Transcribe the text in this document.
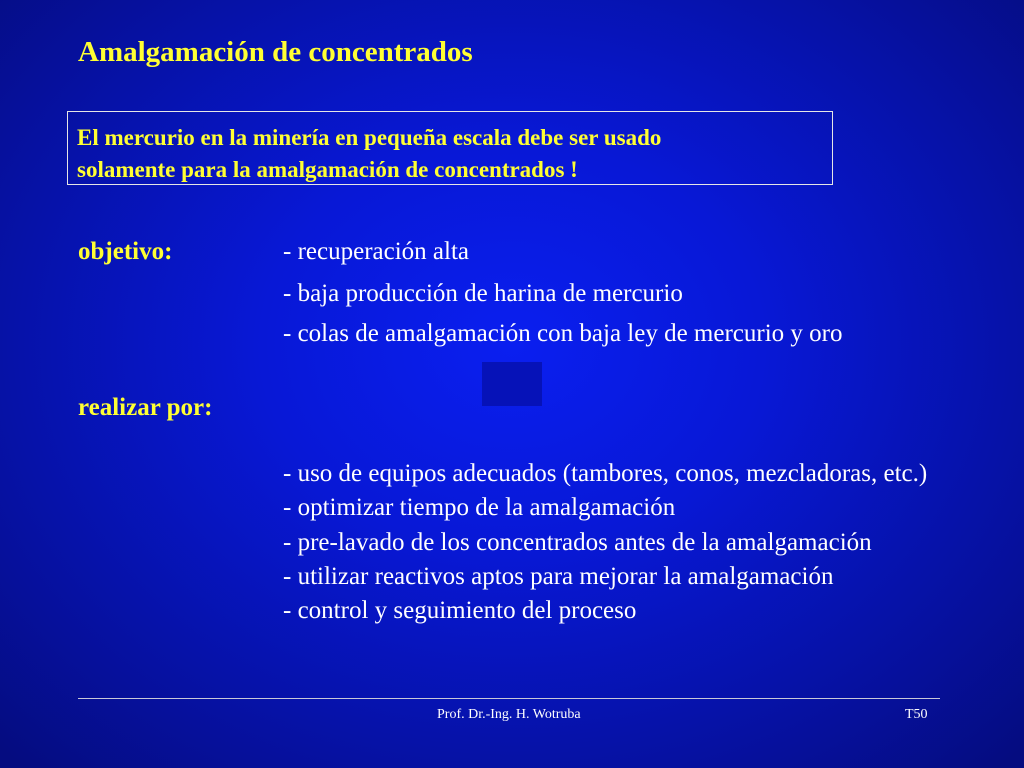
Amalgamación de concentrados
El mercurio en la minería en pequeña escala debe ser usado
solamente para la amalgamación de concentrados !
objetivo:	- recuperación alta
- baja producción de harina de mercurio
- colas de amalgamación con baja ley de mercurio y oro
realizar por:
- uso de equipos adecuados (tambores, conos, mezcladoras, etc.)
- optimizar tiempo de la amalgamación
- pre-lavado de los concentrados antes de la amalgamación
- utilizar reactivos aptos para mejorar la amalgamación
- control y seguimiento del proceso
Prof. Dr.-Ing. H. Wotruba	T50
